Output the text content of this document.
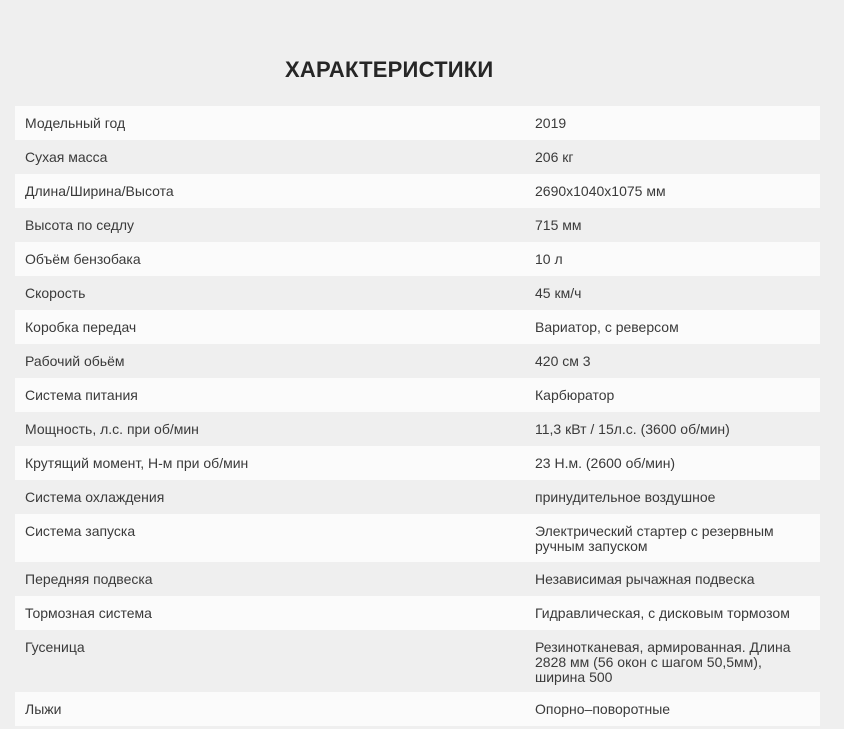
ХАРАКТЕРИСТИКИ
Модельный год	2019
Сухая масса	206 кг
Длина/Ширина/Высота	2690x1040x1075 мм
Высота по седлу	715 мм
Объём бензобака	10 л
Скорость	45 км/ч
Коробка передач	Вариатор, с реверсом
Рабочий обьём	420 см 3
Система питания	Карбюратор
Мощность, л.с. при об/мин	11,3 кВт / 15л.с. (3600 об/мин)
Крутящий момент, Н-м при об/мин	23 Н.м. (2600 об/мин)
Система охлаждения	принудительное воздушное
Система запуска	Электрический стартер с резервным ручным запуском
Передняя подвеска	Независимая рычажная подвеска
Тормозная система	Гидравлическая, с дисковым тормозом
Гусеница	Резинотканевая, армированная. Длина 2828 мм (56 окон с шагом 50,5мм), ширина 500
Лыжи	Опорно–поворотные
